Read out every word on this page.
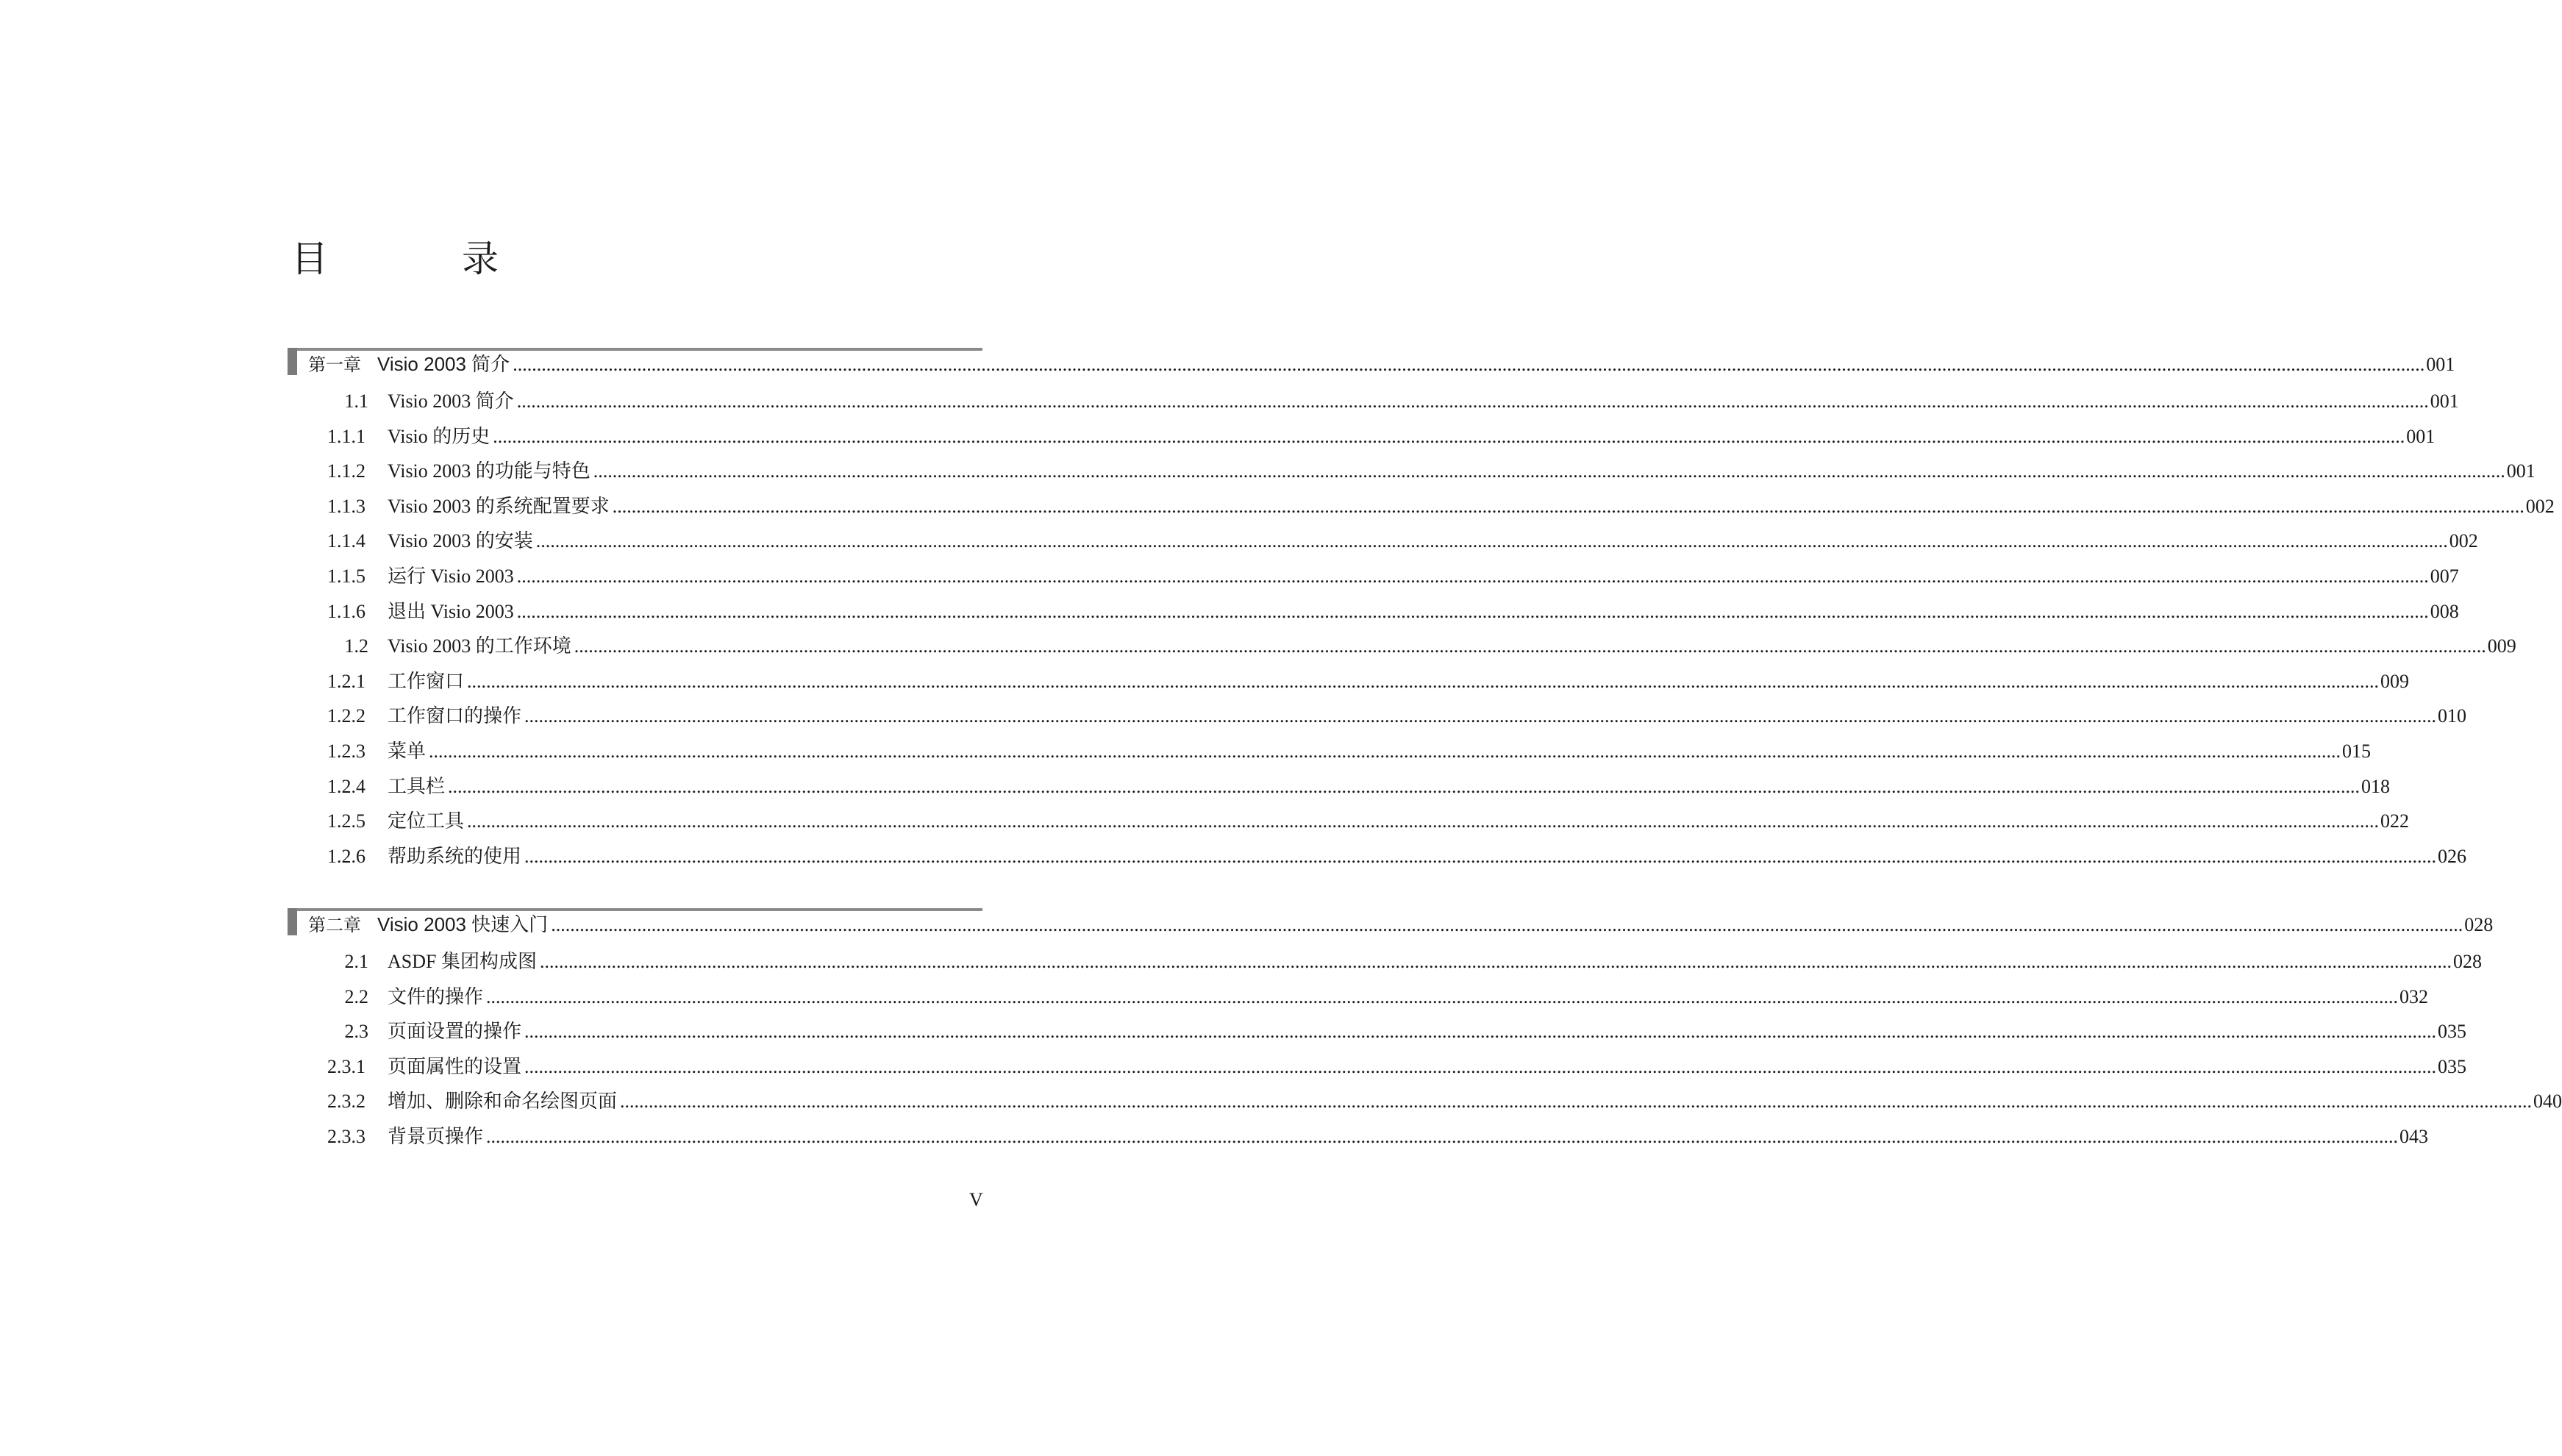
目　录
第一章 Visio 2003 简介 ................................................................................................................................................................................................................................................................................................................................................................................................................ 001
1.1 Visio 2003 简介 ................................................................................................................................................................................................................................................................................................................................................................................................................ 001
1.1.1 Visio 的历史 ................................................................................................................................................................................................................................................................................................................................................................................................................ 001
1.1.2 Visio 2003 的功能与特色 ................................................................................................................................................................................................................................................................................................................................................................................................................ 001
1.1.3 Visio 2003 的系统配置要求 ................................................................................................................................................................................................................................................................................................................................................................................................................ 002
1.1.4 Visio 2003 的安装 ................................................................................................................................................................................................................................................................................................................................................................................................................ 002
1.1.5 运行 Visio 2003 ................................................................................................................................................................................................................................................................................................................................................................................................................ 007
1.1.6 退出 Visio 2003 ................................................................................................................................................................................................................................................................................................................................................................................................................ 008
1.2 Visio 2003 的工作环境 ................................................................................................................................................................................................................................................................................................................................................................................................................ 009
1.2.1 工作窗口 ................................................................................................................................................................................................................................................................................................................................................................................................................ 009
1.2.2 工作窗口的操作 ................................................................................................................................................................................................................................................................................................................................................................................................................ 010
1.2.3 菜单 ................................................................................................................................................................................................................................................................................................................................................................................................................ 015
1.2.4 工具栏 ................................................................................................................................................................................................................................................................................................................................................................................................................ 018
1.2.5 定位工具 ................................................................................................................................................................................................................................................................................................................................................................................................................ 022
1.2.6 帮助系统的使用 ................................................................................................................................................................................................................................................................................................................................................................................................................ 026
第二章 Visio 2003 快速入门 ................................................................................................................................................................................................................................................................................................................................................................................................................ 028
2.1 ASDF 集团构成图 ................................................................................................................................................................................................................................................................................................................................................................................................................ 028
2.2 文件的操作 ................................................................................................................................................................................................................................................................................................................................................................................................................ 032
2.3 页面设置的操作 ................................................................................................................................................................................................................................................................................................................................................................................................................ 035
2.3.1 页面属性的设置 ................................................................................................................................................................................................................................................................................................................................................................................................................ 035
2.3.2 增加、删除和命名绘图页面 ................................................................................................................................................................................................................................................................................................................................................................................................................ 040
2.3.3 背景页操作 ................................................................................................................................................................................................................................................................................................................................................................................................................ 043
V
